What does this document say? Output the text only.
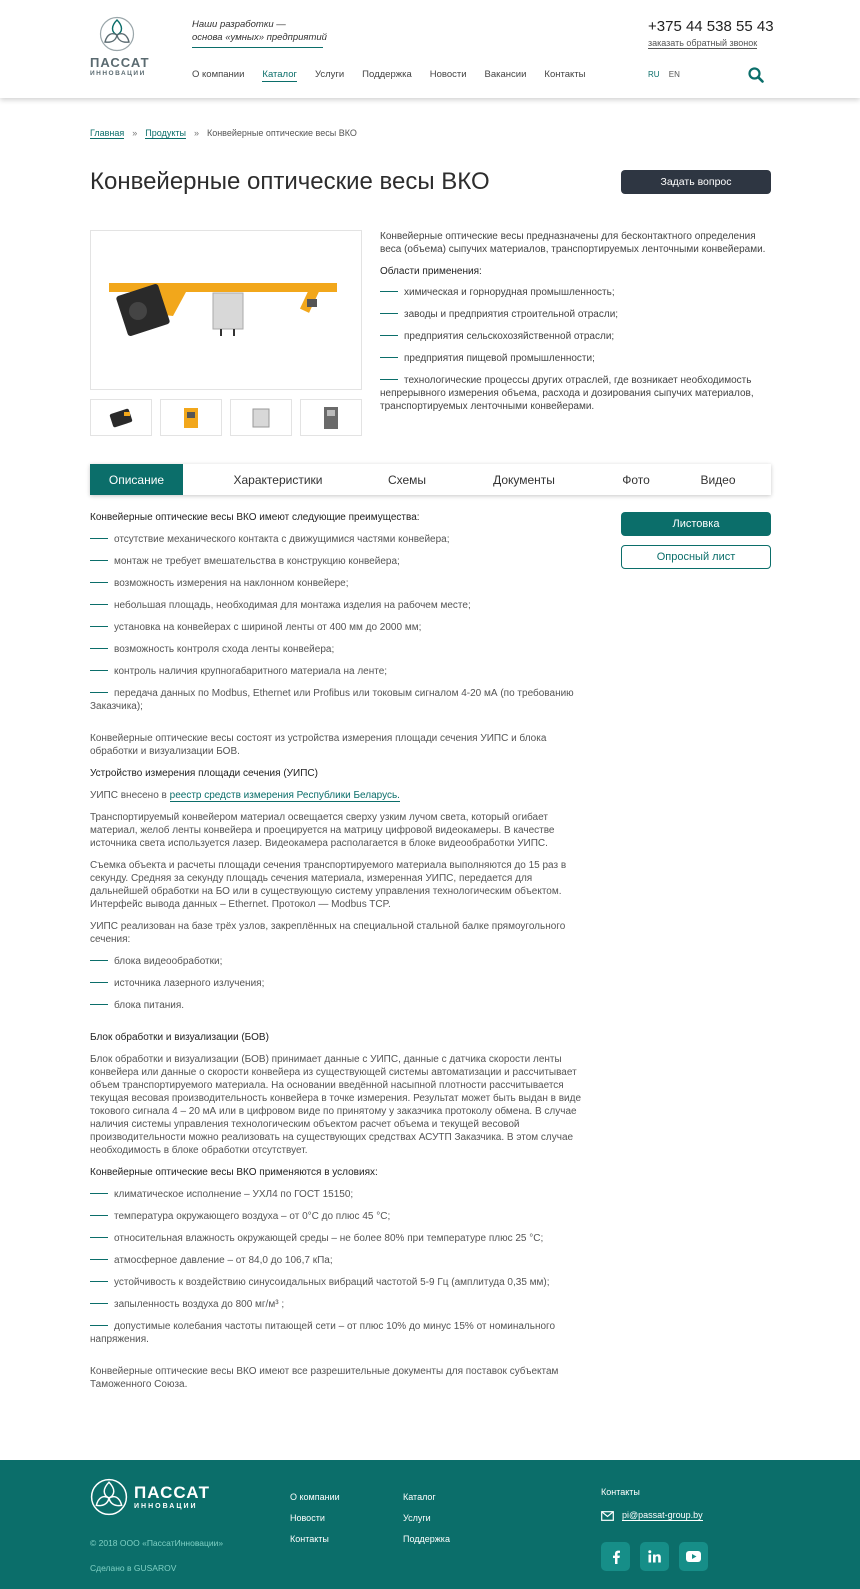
ПАССАТ
ИННОВАЦИИ
Наши разработки —
основа «умных» предприятий
О компании Каталог Услуги Поддержка Новости Вакансии Контакты
+375 44 538 55 43
заказать обратный звонок
RU EN
Главная » Продукты » Конвейерные оптические весы ВКО
Конвейерные оптические весы ВКО	Задать вопрос

Конвейерные оптические весы предназначены для бесконтактного определения веса (объема) сыпучих материалов, транспортируемых ленточными конвейерами.

Области применения:

химическая и горнорудная промышленность;
заводы и предприятия строительной отрасли;
предприятия сельскохозяйственной отрасли;
предприятия пищевой промышленности;
технологические процессы других отраслей, где возникает необходимость непрерывного измерения объема, расхода и дозирования сыпучих материалов, транспортируемых ленточными конвейерами.
Описание	Характеристики	Схемы	Документы	Фото	Видео
Листовка
Опросный лист

Конвейерные оптические весы ВКО имеют следующие преимущества:

отсутствие механического контакта с движущимися частями конвейера;
монтаж не требует вмешательства в конструкцию конвейера;
возможность измерения на наклонном конвейере;
небольшая площадь, необходимая для монтажа изделия на рабочем месте;
установка на конвейерах с шириной ленты от 400 мм до 2000 мм;
возможность контроля схода ленты конвейера;
контроль наличия крупногабаритного материала на ленте;
передача данных по Modbus, Ethernet или Profibus или токовым сигналом 4-20 мА (по требованию Заказчика);

Конвейерные оптические весы состоят из устройства измерения площади сечения УИПС и блока обработки и визуализации БОВ.

Устройство измерения площади сечения (УИПС)

УИПС внесено в реестр средств измерения Республики Беларусь.

Транспортируемый конвейером материал освещается сверху узким лучом света, который огибает материал, желоб ленты конвейера и проецируется на матрицу цифровой видеокамеры. В качестве источника света используется лазер. Видеокамера располагается в блоке видеообработки УИПС.

Съемка объекта и расчеты площади сечения транспортируемого материала выполняются до 15 раз в секунду. Средняя за секунду площадь сечения материала, измеренная УИПС, передается для дальнейшей обработки на БО или в существующую систему управления технологическим объектом. Интерфейс вывода данных – Ethernet. Протокол — Modbus TCP.

УИПС реализован на базе трёх узлов, закреплённых на специальной стальной балке прямоугольного сечения:

блока видеообработки;
источника лазерного излучения;
блока питания.

Блок обработки и визуализации (БОВ)

Блок обработки и визуализации (БОВ) принимает данные с УИПС, данные с датчика скорости ленты конвейера или данные о скорости конвейера из существующей системы автоматизации и рассчитывает объем транспортируемого материала. На основании введённой насыпной плотности рассчитывается текущая весовая производительность конвейера в точке измерения. Результат может быть выдан в виде токового сигнала 4 – 20 мА или в цифровом виде по принятому у заказчика протоколу обмена. В случае наличия системы управления технологическим объектом расчет объема и текущей весовой производительности можно реализовать на существующих средствах АСУТП Заказчика. В этом случае необходимость в блоке обработки отсутствует.

Конвейерные оптические весы ВКО применяются в условиях:

климатическое исполнение – УХЛ4 по ГОСТ 15150;
температура окружающего воздуха – от 0°С до плюс 45 °С;
относительная влажность окружающей среды – не более 80% при температуре плюс 25 °С;
атмосферное давление – от 84,0 до 106,7 кПа;
устойчивость к воздействию синусоидальных вибраций частотой 5-9 Гц (амплитуда 0,35 мм);
запыленность воздуха до 800 мг/м³ ;
допустимые колебания частоты питающей сети – от плюс 10% до минус 15% от номинального напряжения.

Конвейерные оптические весы ВКО имеют все разрешительные документы для поставок субъектам Таможенного Союза.

ПАССАТ
ИННОВАЦИИ
© 2018 ООО «ПассатИнновации»
Сделано в GUSAROV
О компании
Новости
Контакты
Каталог
Услуги
Поддержка
Контакты
pi@passat-group.by
